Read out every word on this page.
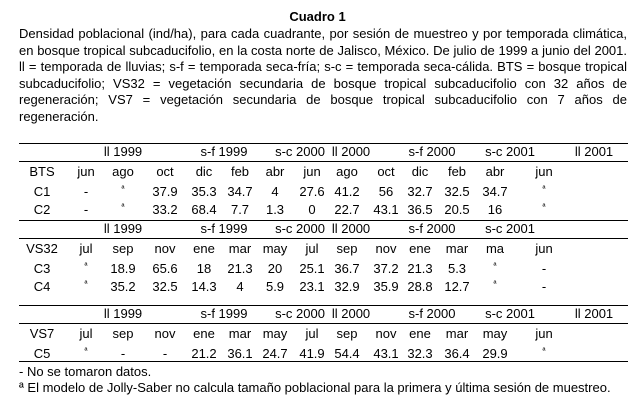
Cuadro 1
Densidad poblacional (ind/ha), para cada cuadrante, por sesión de muestreo y por temporada climática, en bosque tropical subcaducifolio, en la costa norte de Jalisco, México. De julio de 1999 a junio del 2001. ll = temporada de lluvias; s-f = temporada seca-fría; s-c = temporada seca-cálida. BTS = bosque tropical subcaducifolio; VS32 = vegetación secundaria de bosque tropical subcaducifolio con 32 años de regeneración; VS7 = vegetación secundaria de bosque tropical subcaducifolio con 7 años de regeneración.
ll 1999	s-f 1999 s-c 2000 ll 2000	s-f 2000 s-c 2001	ll 2001
BTS jun ago oct dic feb abr jun ago oct dic feb abr jun
C1	-	$^ª$ 37.9 35.3 34.7 4 27.6 41.2 56 32.7 32.5 34.7	$^ª$
C2	-	$^ª$ 33.2 68.4 7.7 1.3 0 22.7 43.1 36.5 20.5 16	$^ª$
ll 1999	s-f 1999 s-c 2000 ll 2000	s-f 2000 s-c 2001
VS32 jul sep nov ene mar may jul sep nov ene mar ma jun
C3	$^ª$ 18.9 65.6 18 21.3 20 25.1 36.7 37.2 21.3 5.3	$^ª$	-
C4	$^ª$ 35.2 32.5 14.3 4 5.9 23.1 32.9 35.9 28.8 12.7	$^ª$	-
ll 1999	s-f 1999 s-c 2000 ll 2000	s-f 2000 s-c 2001	ll 2001
VS7 jul sep nov ene mar may jul sep nov ene mar may jun
C5	$^ª$	-	- 21.2 36.1 24.7 41.9 54.4 43.1 32.3 36.4 29.9	$^ª$
- No se tomaron datos.
ª El modelo de Jolly-Saber no calcula tamaño poblacional para la primera y última sesión de muestreo.
